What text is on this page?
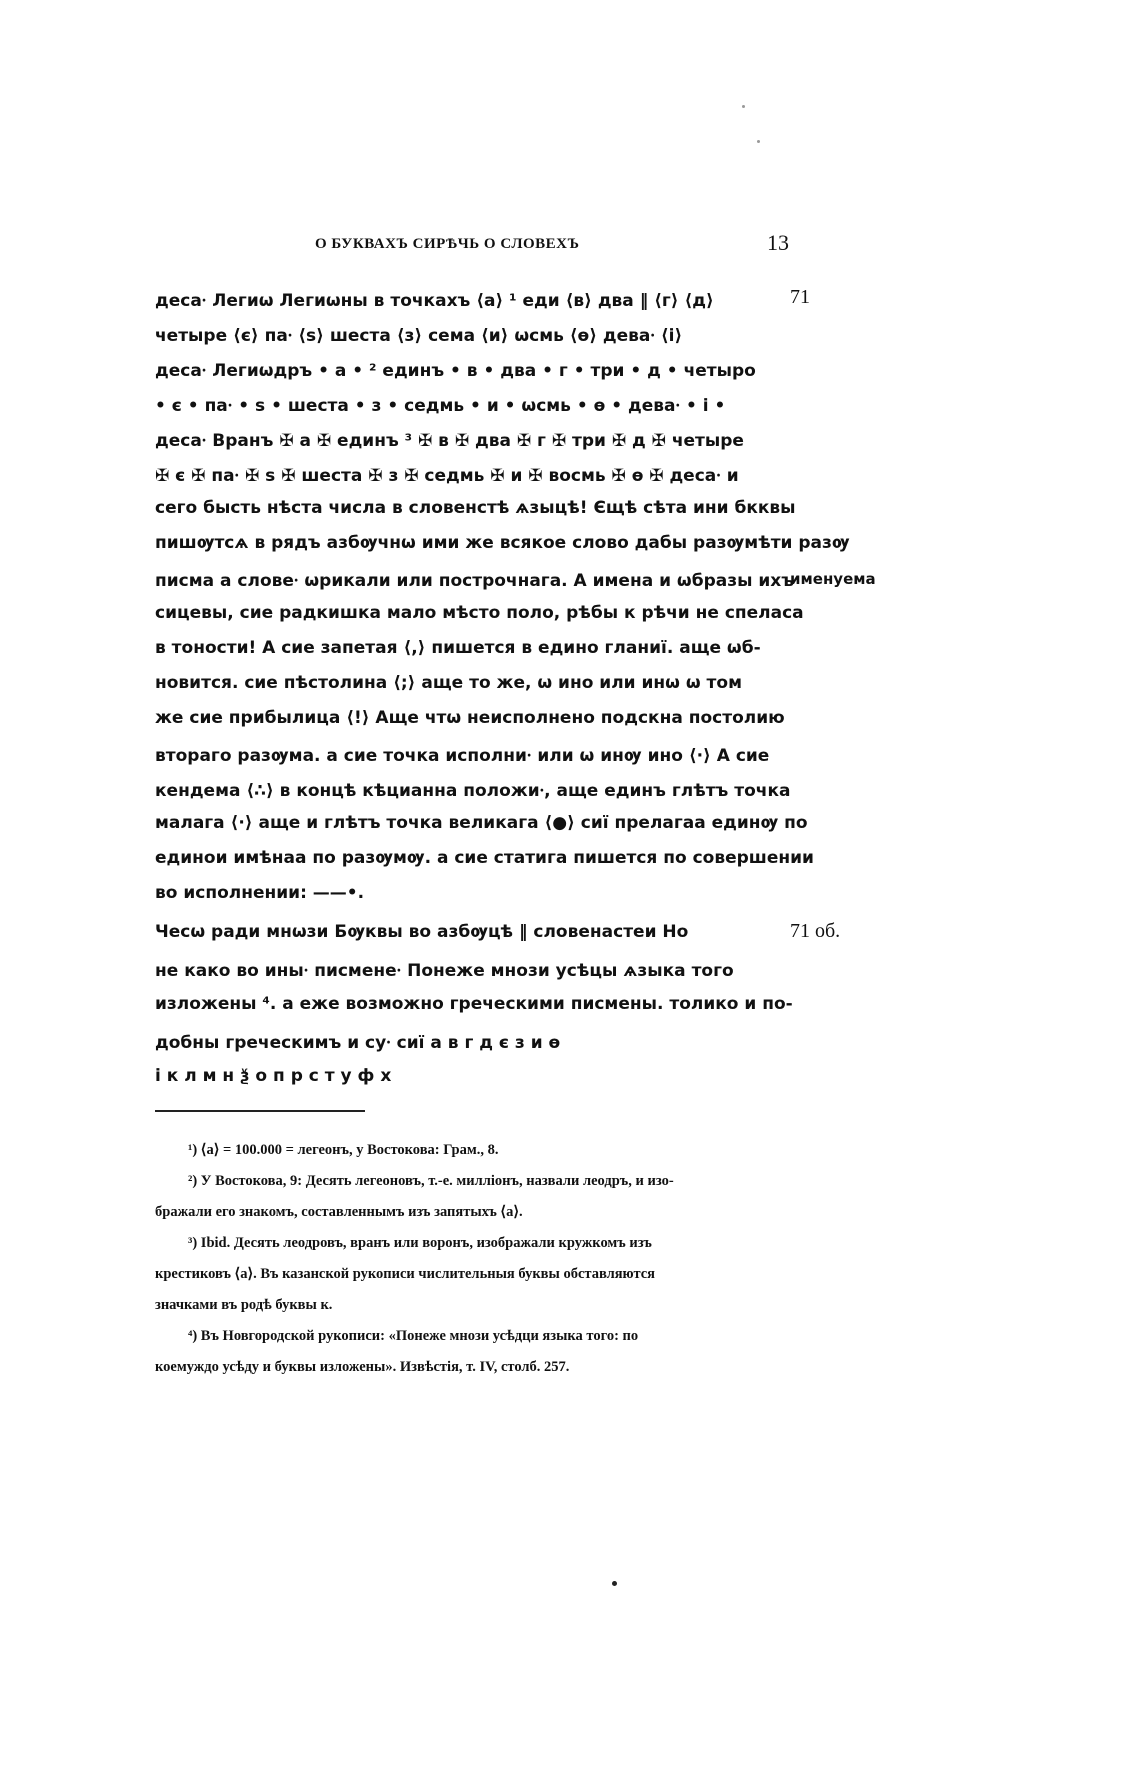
О БУКВАХЪ СИРѢЧЬ О СЛОВЕХЪ	13
деса⸱ Легиѡ Легиѡны в точкахъ ⟨а⟩ ¹ еди ⟨в⟩ два ‖ ⟨г⟩ ⟨д⟩
четыре ⟨є⟩ па⸱ ⟨ѕ⟩ шеста ⟨з⟩ сема ⟨и⟩ ѡсмь ⟨ѳ⟩ дева⸱ ⟨і⟩
деса⸱ Легиѡдръ • а • ² единъ • в • два • г • три • д • четыро
• є • па⸱ • ѕ • шеста • з • седмь • и • ѡсмь • ѳ • дева⸱ • і •
деса⸱ Вранъ ✠ а ✠ единъ ³ ✠ в ✠ два ✠ г ✠ три ✠ д ✠ четыре
✠ є ✠ па⸱ ✠ ѕ ✠ шеста ✠ з ✠ седмь ✠ и ✠ восмь ✠ ѳ ✠ деса⸱ и
сего бысть нѣста числа в словенстѣ ѧзыцѣ! Єщѣ сѣта ини бкквы
пишѹтсѧ в рядъ азбѹчнѡ ими же всякое слово дабы разѹмѣти разѹ
писма а слове⸱ ѡрикали или построчнага. А имена и ѡбразы ихъ
сицевы, сие радкишка мало мѣсто поло, рѣбы к рѣчи не спеласа
в тоности! А сие запетая ⟨,⟩ пишется в едино гланиї. аще ѡб-
новится. сие пѣстолина ⟨;⟩ аще то же, ѡ ино или инѡ ѡ том
же сие прибылица ⟨!⟩ Аще чтѡ неисполнено подскна постолию
втораго разѹма. а сие точка исполни⸱ или ѡ инѹ ино ⟨·⟩ А сие
кендема ⟨∴⟩ в концѣ кѣцианна положи⸱, аще единъ глѣтъ точка
малага ⟨·⟩ аще и глѣтъ точка великага ⟨●⟩ сиї прелагаа единѹ по
единои имѣнаа по разѹмѹ. а сие статига пишется по совершении
во исполнении: ——•.
Чесѡ ради мнѡзи Бѹквы во азбѹцѣ ‖ словенастеи Но
не како во ины⸱ писмене⸱ Понеже мнози усѣцы ѧзыка того
изложены ⁴. а еже возможно греческими писмены. толико и по-
добны греческимъ и су⸱ сиї а в г д є з и ѳ
і к л м н ѯ о п р с т у ф х
71
именуема
71 об.
¹) ⟨а⟩ = 100.000 = легеонъ, у Востокова: Грам., 8.
²) У Востокова, 9: Десять легеоновъ, т.-е. милліонъ, назвали леодръ, и изо-
бражали его знакомъ, составленнымъ изъ запятыхъ ⟨а⟩.
³) Ibid. Десять леодровъ, вранъ или воронъ, изображали кружкомъ изъ
крестиковъ ⟨а⟩. Въ казанской рукописи числительныя буквы обставляются
значками въ родѣ буквы к.
⁴) Въ Новгородской рукописи: «Понеже мнози усѣдци языка того: по
коемуждо усѣду и буквы изложены». Извѣстія, т. IV, столб. 257.
